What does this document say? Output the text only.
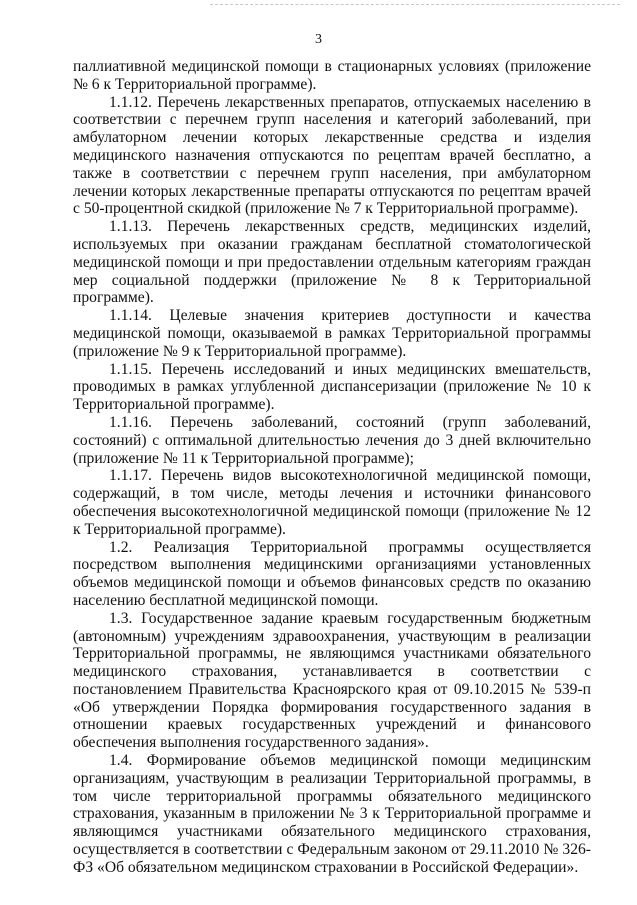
3

паллиативной медицинской помощи в стационарных условиях (приложение № 6 к Территориальной программе).

1.1.12. Перечень лекарственных препаратов, отпускаемых населению в соответствии с перечнем групп населения и категорий заболеваний, при амбулаторном лечении которых лекарственные средства и изделия медицинского назначения отпускаются по рецептам врачей бесплатно, а также в соответствии с перечнем групп населения, при амбулаторном лечении которых лекарственные препараты отпускаются по рецептам врачей с 50-процентной скидкой (приложение № 7 к Территориальной программе).

1.1.13. Перечень лекарственных средств, медицинских изделий, используемых при оказании гражданам бесплатной стоматологической медицинской помощи и при предоставлении отдельным категориям граждан мер социальной поддержки (приложение № 8 к Территориальной программе).

1.1.14. Целевые значения критериев доступности и качества медицинской помощи, оказываемой в рамках Территориальной программы (приложение № 9 к Территориальной программе).

1.1.15. Перечень исследований и иных медицинских вмешательств, проводимых в рамках углубленной диспансеризации (приложение № 10 к Территориальной программе).

1.1.16. Перечень заболеваний, состояний (групп заболеваний, состояний) с оптимальной длительностью лечения до 3 дней включительно (приложение № 11 к Территориальной программе);

1.1.17. Перечень видов высокотехнологичной медицинской помощи, содержащий, в том числе, методы лечения и источники финансового обеспечения высокотехнологичной медицинской помощи (приложение № 12 к Территориальной программе).

1.2. Реализация Территориальной программы осуществляется посредством выполнения медицинскими организациями установленных объемов медицинской помощи и объемов финансовых средств по оказанию населению бесплатной медицинской помощи.

1.3. Государственное задание краевым государственным бюджетным (автономным) учреждениям здравоохранения, участвующим в реализации Территориальной программы, не являющимся участниками обязательного медицинского страхования, устанавливается в соответствии с постановлением Правительства Красноярского края от 09.10.2015 № 539-п «Об утверждении Порядка формирования государственного задания в отношении краевых государственных учреждений и финансового обеспечения выполнения государственного задания».

1.4. Формирование объемов медицинской помощи медицинским организациям, участвующим в реализации Территориальной программы, в том числе территориальной программы обязательного медицинского страхования, указанным в приложении № 3 к Территориальной программе и являющимся участниками обязательного медицинского страхования, осуществляется в соответствии с Федеральным законом от 29.11.2010 № 326-ФЗ «Об обязательном медицинском страховании в Российской Федерации».
